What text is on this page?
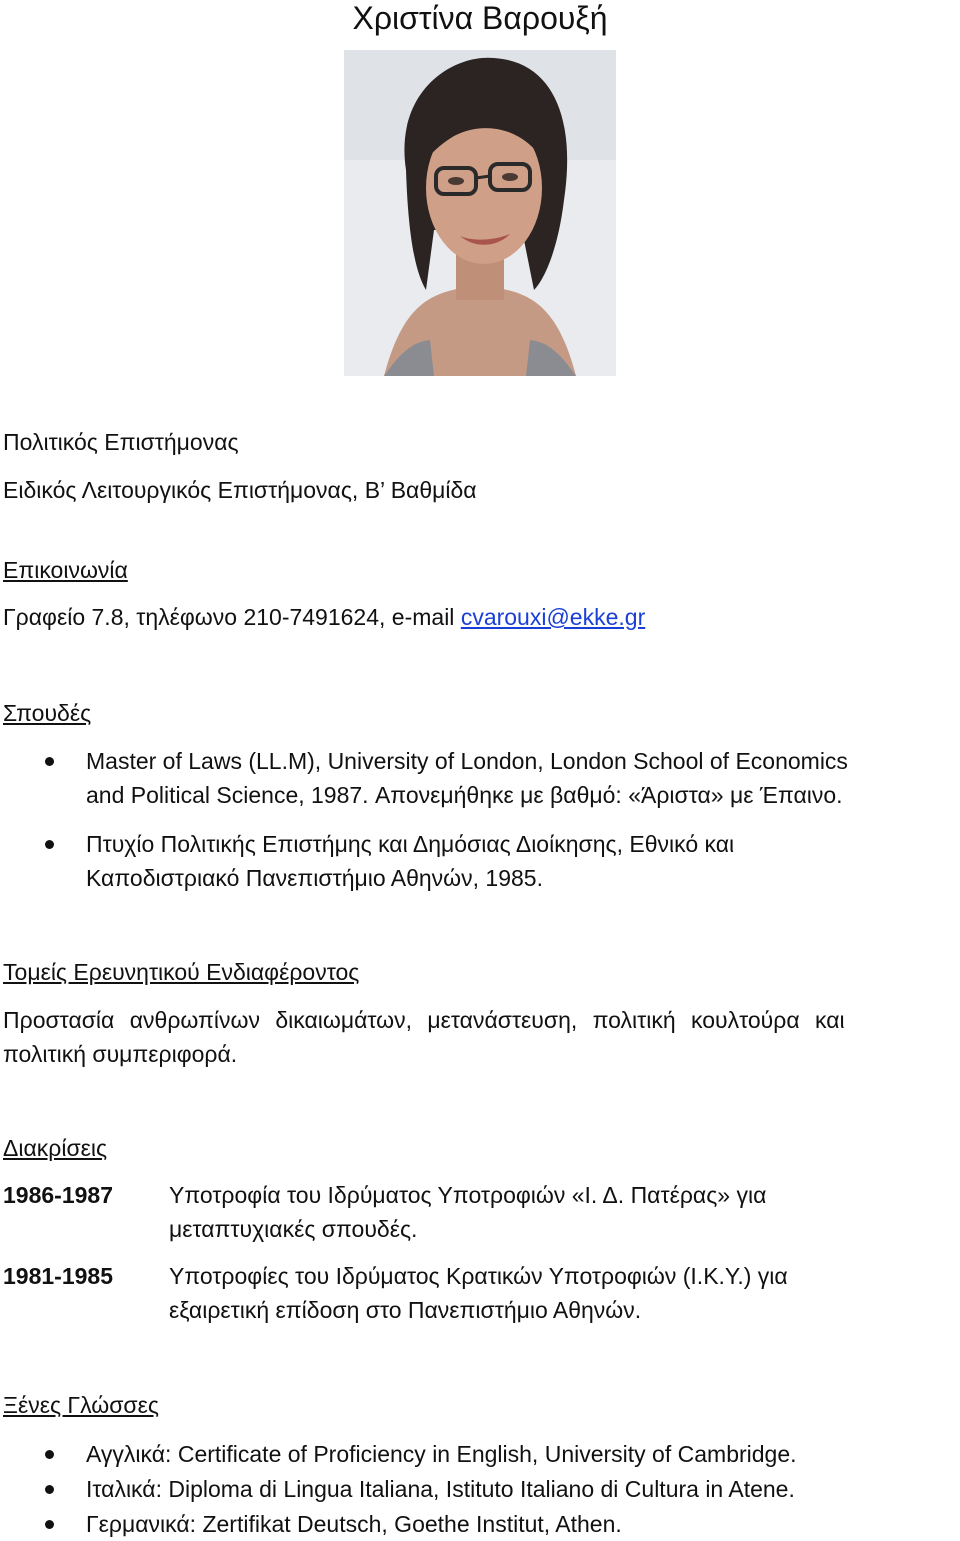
Χριστίνα Βαρουξή
Πολιτικός Επιστήμονας
Ειδικός Λειτουργικός Επιστήμονας, Β’ Βαθμίδα
Επικοινωνία
Γραφείο 7.8, τηλέφωνο 210-7491624, e-mail cvarouxi@ekke.gr
Σπουδές
Master of Laws (LL.M), University of London, London School of Economics
and Political Science, 1987. Απονεμήθηκε με βαθμό: «Άριστα» με Έπαινο.
Πτυχίο Πολιτικής Επιστήμης και Δημόσιας Διοίκησης, Εθνικό και
Καποδιστριακό Πανεπιστήμιο Αθηνών, 1985.
Τομείς Ερευνητικού Ενδιαφέροντος
Προστασία ανθρωπίνων δικαιωμάτων, μετανάστευση, πολιτική κουλτούρα και
πολιτική συμπεριφορά.
Διακρίσεις
1986-1987 Υποτροφία του Ιδρύματος Υποτροφιών «Ι. Δ. Πατέρας» για
μεταπτυχιακές σπουδές.
1981-1985 Υποτροφίες του Ιδρύματος Κρατικών Υποτροφιών (Ι.Κ.Υ.) για
εξαιρετική επίδοση στο Πανεπιστήμιο Αθηνών.
Ξένες Γλώσσες
Αγγλικά: Certificate of Proficiency in English, University of Cambridge.
Ιταλικά: Diploma di Lingua Italiana, Istituto Italiano di Cultura in Atene.
Γερμανικά: Zertifikat Deutsch, Goethe Institut, Athen.
